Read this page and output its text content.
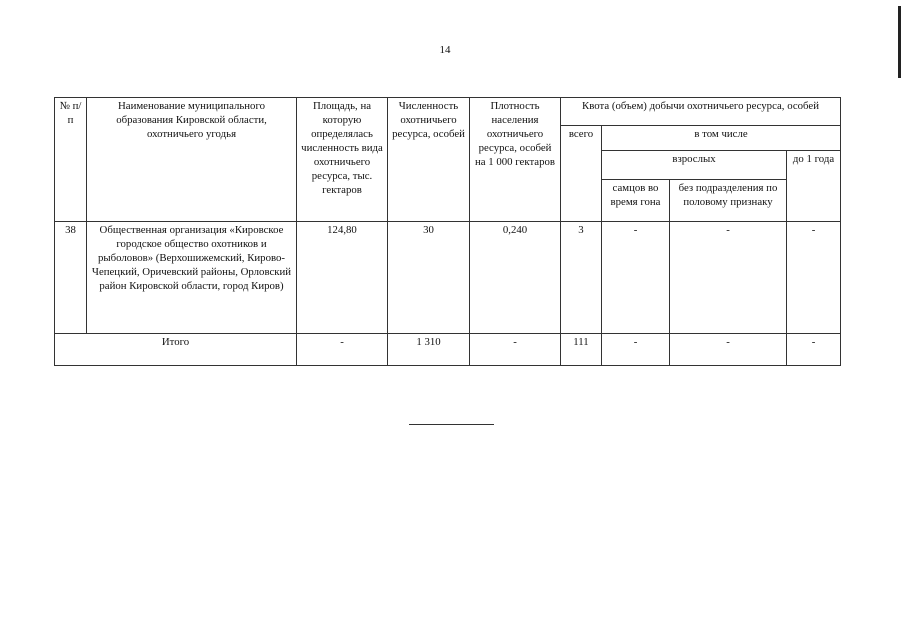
14
№ п/п	Наименование муниципального образования Кировской области, охотничьего угодья	Площадь, на которую определялась численность вида охотничьего ресурса, тыс. гектаров	Численность охотничьего ресурса, особей	Плотность населения охотничьего ресурса, особей на 1 000 гектаров	Квота (объем) добычи охотничьего ресурса, особей			
					всего	в том числе		
						взрослых		до 1 года
						самцов во время гона	без подразделения по половому признаку	
38	Общественная организация «Кировское городское общество охотников и рыболовов» (Верхошижемский, Кирово-Чепецкий, Оричевский районы, Орловский район Кировской области, город Киров)	124,80	30	0,240	3	-	-	-
Итого		-	1 310	-	111	-	-	-
